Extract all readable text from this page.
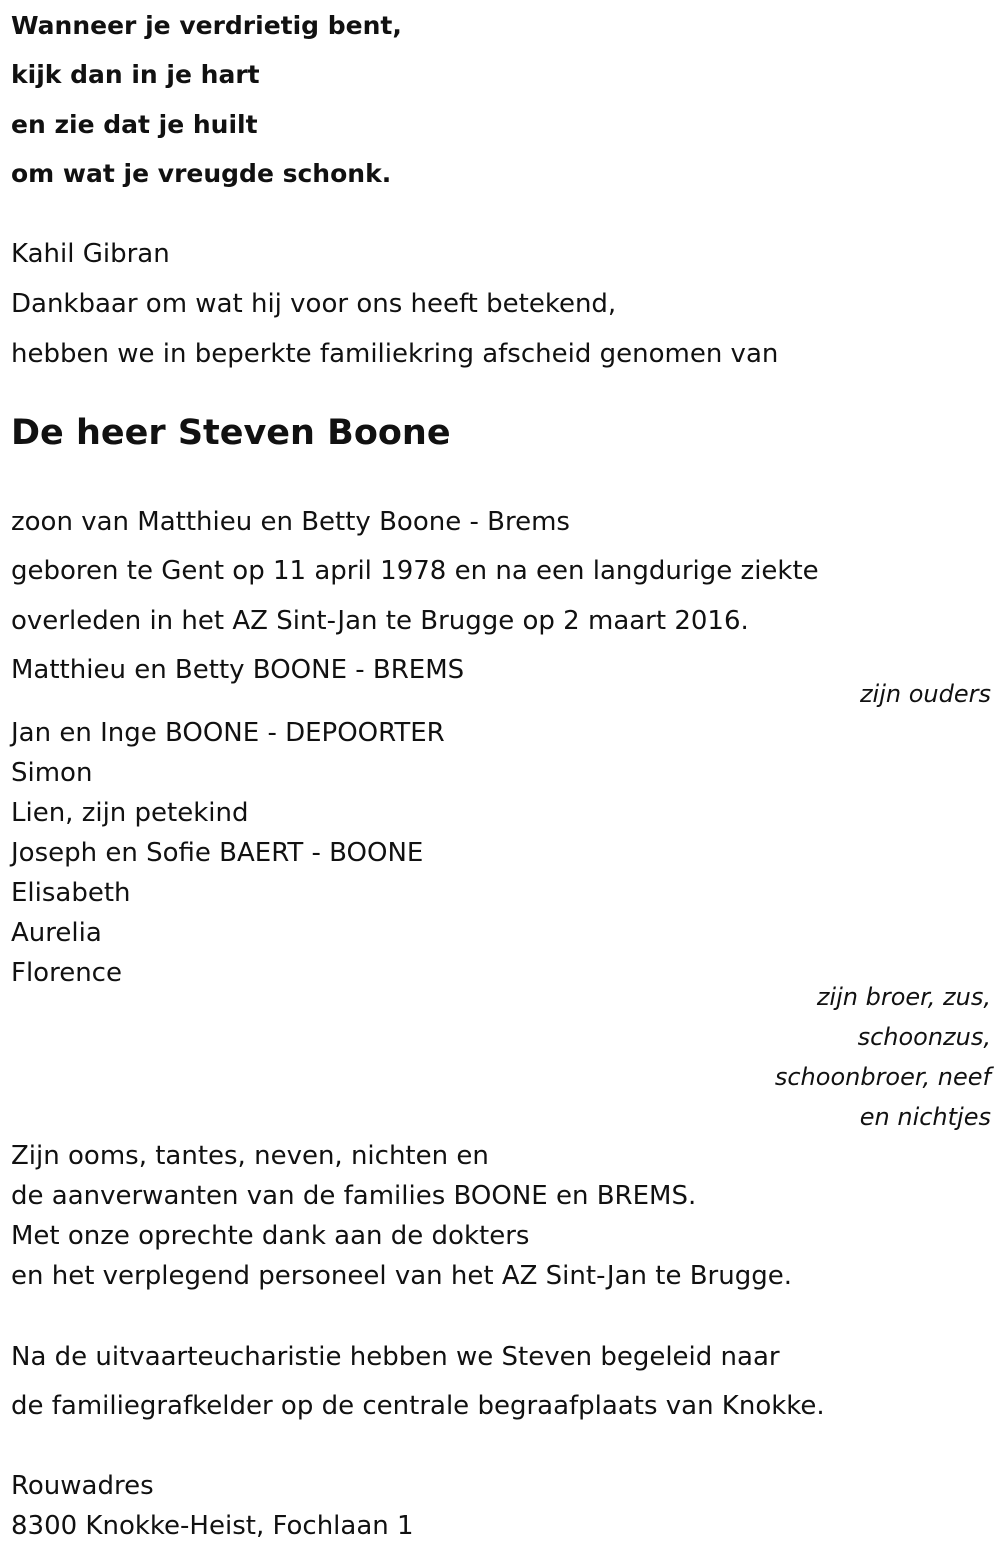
Wanneer je verdrietig bent,

kijk dan in je hart

en zie dat je huilt

om wat je vreugde schonk.

Kahil Gibran

Dankbaar om wat hij voor ons heeft betekend,

hebben we in beperkte familiekring afscheid genomen van

De heer Steven Boone

zoon van Matthieu en Betty Boone - Brems

geboren te Gent op 11 april 1978 en na een langdurige ziekte

overleden in het AZ Sint-Jan te Brugge op 2 maart 2016.

Matthieu en Betty BOONE - BREMS

zijn ouders

Jan en Inge BOONE - DEPOORTER

Simon

Lien, zijn petekind

Joseph en Sofie BAERT - BOONE

Elisabeth

Aurelia

Florence

zijn broer, zus,
schoonzus,
schoonbroer, neef
en nichtjes

Zijn ooms, tantes, neven, nichten en

de aanverwanten van de families BOONE en BREMS.

Met onze oprechte dank aan de dokters

en het verplegend personeel van het AZ Sint-Jan te Brugge.

Na de uitvaarteucharistie hebben we Steven begeleid naar

de familiegrafkelder op de centrale begraafplaats van Knokke.

Rouwadres

8300 Knokke-Heist, Fochlaan 1
